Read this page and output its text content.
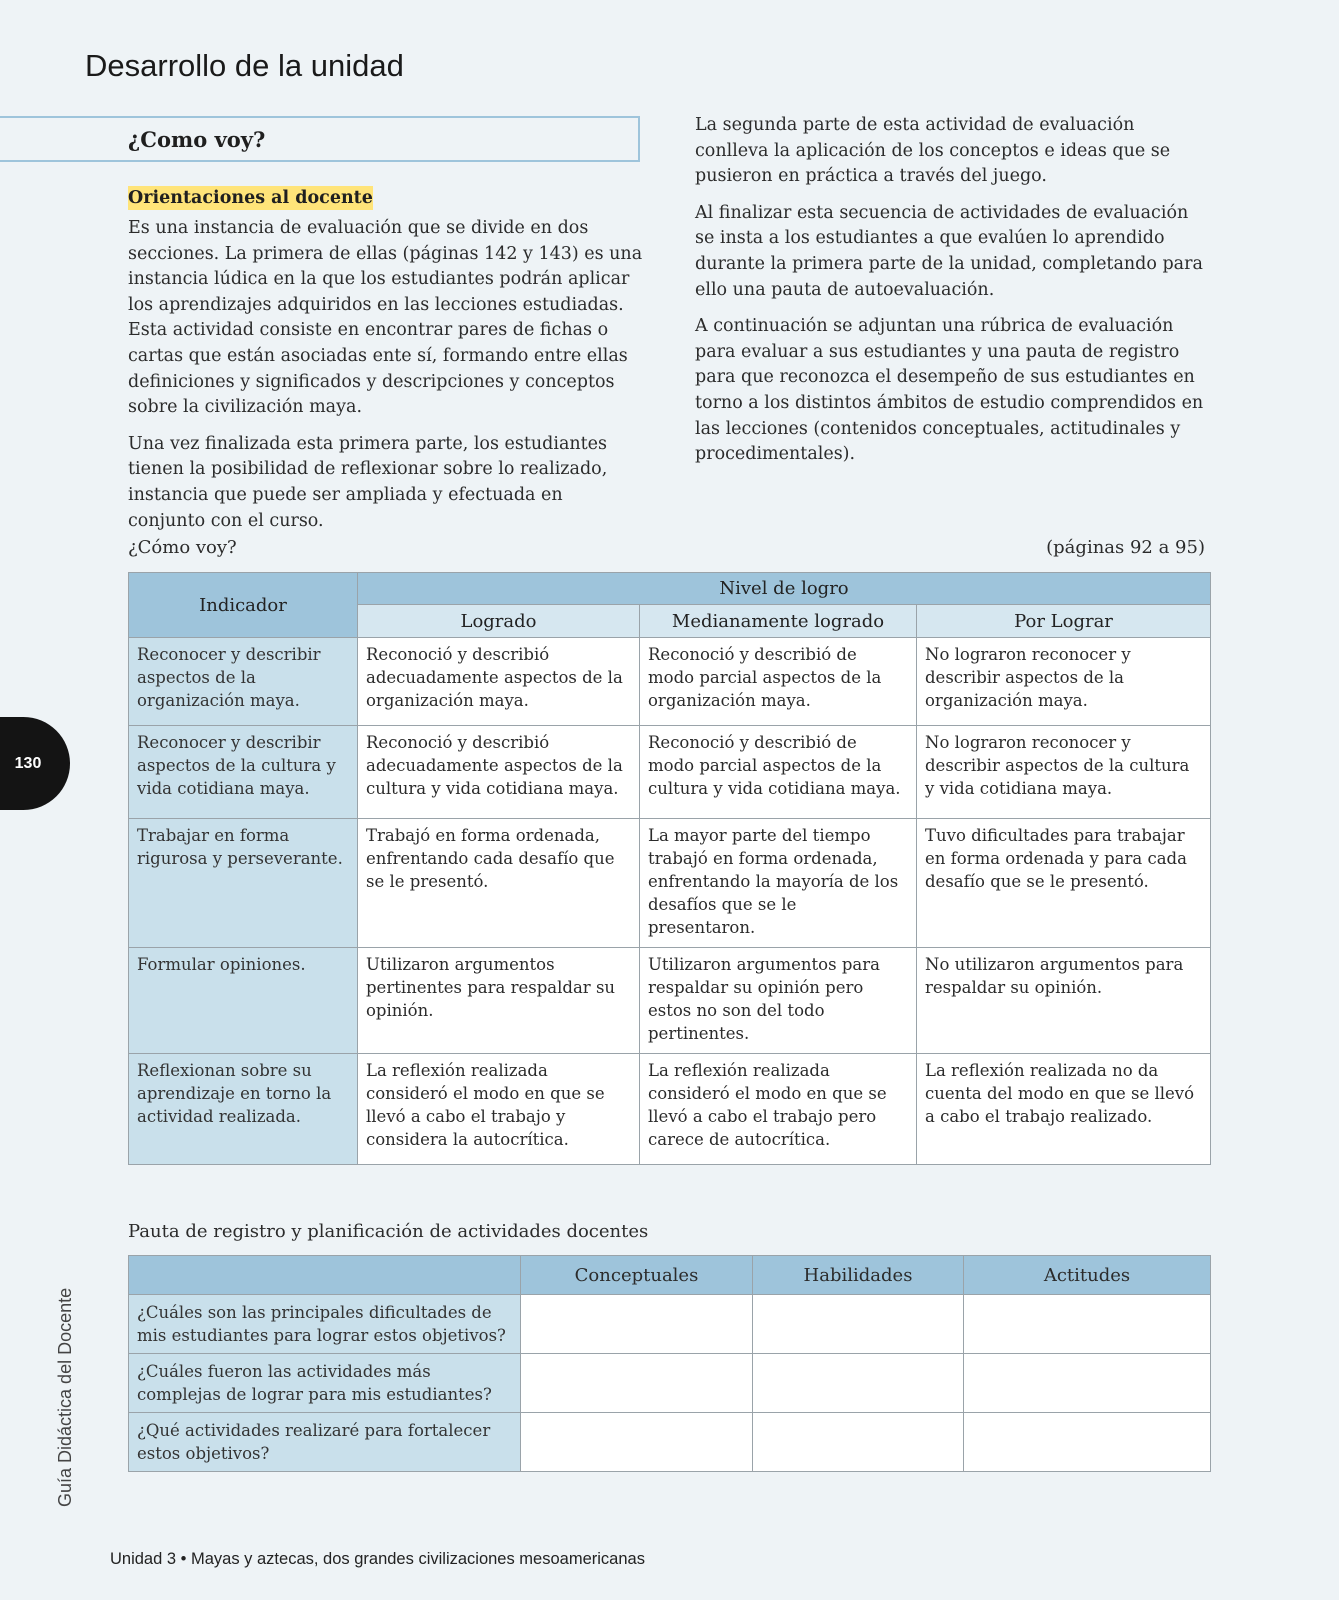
Desarrollo de la unidad
¿Como voy?
Orientaciones al docente

Es una instancia de evaluación que se divide en dos secciones. La primera de ellas (páginas 142 y 143) es una instancia lúdica en la que los estudiantes podrán aplicar los aprendizajes adquiridos en las lecciones estudiadas. Esta actividad consiste en encontrar pares de fichas o cartas que están asociadas ente sí, formando entre ellas definiciones y significados y descripciones y conceptos sobre la civilización maya.

Una vez finalizada esta primera parte, los estudiantes tienen la posibilidad de reflexionar sobre lo realizado, instancia que puede ser ampliada y efectuada en conjunto con el curso.

La segunda parte de esta actividad de evaluación conlleva la aplicación de los conceptos e ideas que se pusieron en práctica a través del juego.

Al finalizar esta secuencia de actividades de evaluación se insta a los estudiantes a que evalúen lo aprendido durante la primera parte de la unidad, completando para ello una pauta de autoevaluación.

A continuación se adjuntan una rúbrica de evaluación para evaluar a sus estudiantes y una pauta de registro para que reconozca el desempeño de sus estudiantes en torno a los distintos ámbitos de estudio comprendidos en las lecciones (contenidos conceptuales, actitudinales y procedimentales).

¿Cómo voy?	(páginas 92 a 95)
Indicador	Nivel de logro		
	Logrado	Medianamente logrado	Por Lograr
Reconocer y describir aspectos de la organización maya.	Reconoció y describió adecuadamente aspectos de la organización maya.	Reconoció y describió de modo parcial aspectos de la organización maya.	No lograron reconocer y describir aspectos de la organización maya.
Reconocer y describir aspectos de la cultura y vida cotidiana maya.	Reconoció y describió adecuadamente aspectos de la cultura y vida cotidiana maya.	Reconoció y describió de modo parcial aspectos de la cultura y vida cotidiana maya.	No lograron reconocer y describir aspectos de la cultura y vida cotidiana maya.
Trabajar en forma rigurosa y perseverante.	Trabajó en forma ordenada, enfrentando cada desafío que se le presentó.	La mayor parte del tiempo trabajó en forma ordenada, enfrentando la mayoría de los desafíos que se le presentaron.	Tuvo dificultades para trabajar en forma ordenada y para cada desafío que se le presentó.
Formular opiniones.	Utilizaron argumentos pertinentes para respaldar su opinión.	Utilizaron argumentos para respaldar su opinión pero estos no son del todo pertinentes.	No utilizaron argumentos para respaldar su opinión.
Reflexionan sobre su aprendizaje en torno la actividad realizada.	La reflexión realizada consideró el modo en que se llevó a cabo el trabajo y considera la autocrítica.	La reflexión realizada consideró el modo en que se llevó a cabo el trabajo pero carece de autocrítica.	La reflexión realizada no da cuenta del modo en que se llevó a cabo el trabajo realizado.
Pauta de registro y planificación de actividades docentes
	Conceptuales	Habilidades	Actitudes
¿Cuáles son las principales dificultades de mis estudiantes para lograr estos objetivos?			
¿Cuáles fueron las actividades más complejas de lograr para mis estudiantes?			
¿Qué actividades realizaré para fortalecer estos objetivos?			
130
Guía Didáctica del Docente
Unidad 3 • Mayas y aztecas, dos grandes civilizaciones mesoamericanas
